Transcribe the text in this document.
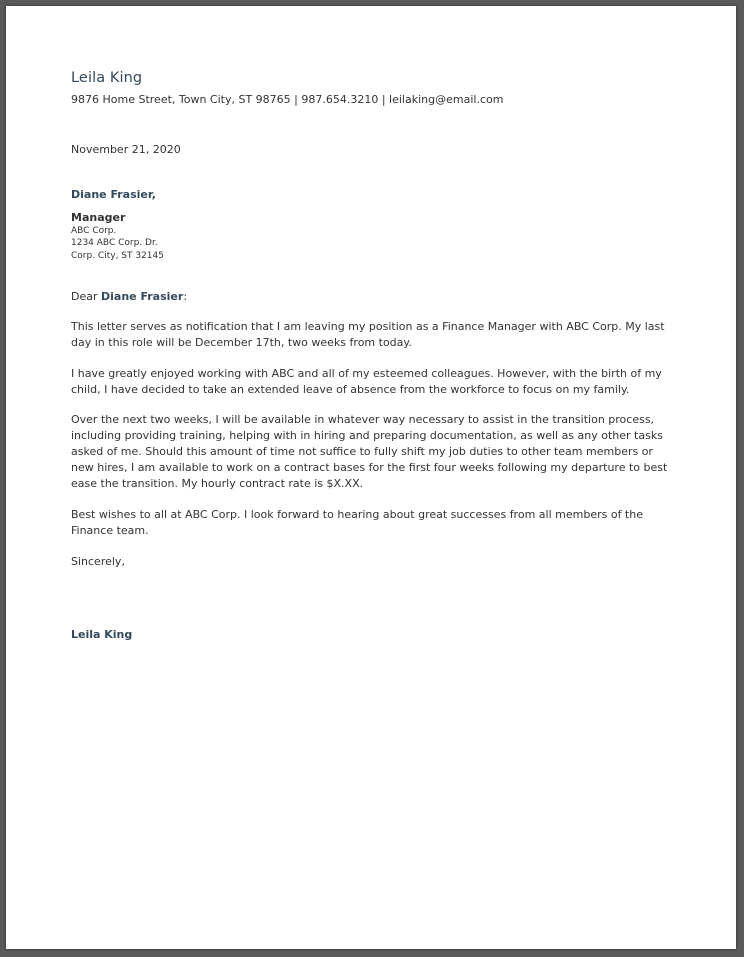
Leila King
9876 Home Street, Town City, ST 98765 | 987.654.3210 | leilaking@email.com
November 21, 2020
Diane Frasier,
Manager
ABC Corp.
1234 ABC Corp. Dr.
Corp. City, ST 32145
Dear Diane Frasier:
This letter serves as notification that I am leaving my position as a Finance Manager with ABC Corp. My last day in this role will be December 17th, two weeks from today.
I have greatly enjoyed working with ABC and all of my esteemed colleagues. However, with the birth of my child, I have decided to take an extended leave of absence from the workforce to focus on my family.
Over the next two weeks, I will be available in whatever way necessary to assist in the transition process, including providing training, helping with in hiring and preparing documentation, as well as any other tasks asked of me. Should this amount of time not suffice to fully shift my job duties to other team members or new hires, I am available to work on a contract bases for the first four weeks following my departure to best ease the transition. My hourly contract rate is $X.XX.
Best wishes to all at ABC Corp. I look forward to hearing about great successes from all members of the Finance team.
Sincerely,
Leila King
